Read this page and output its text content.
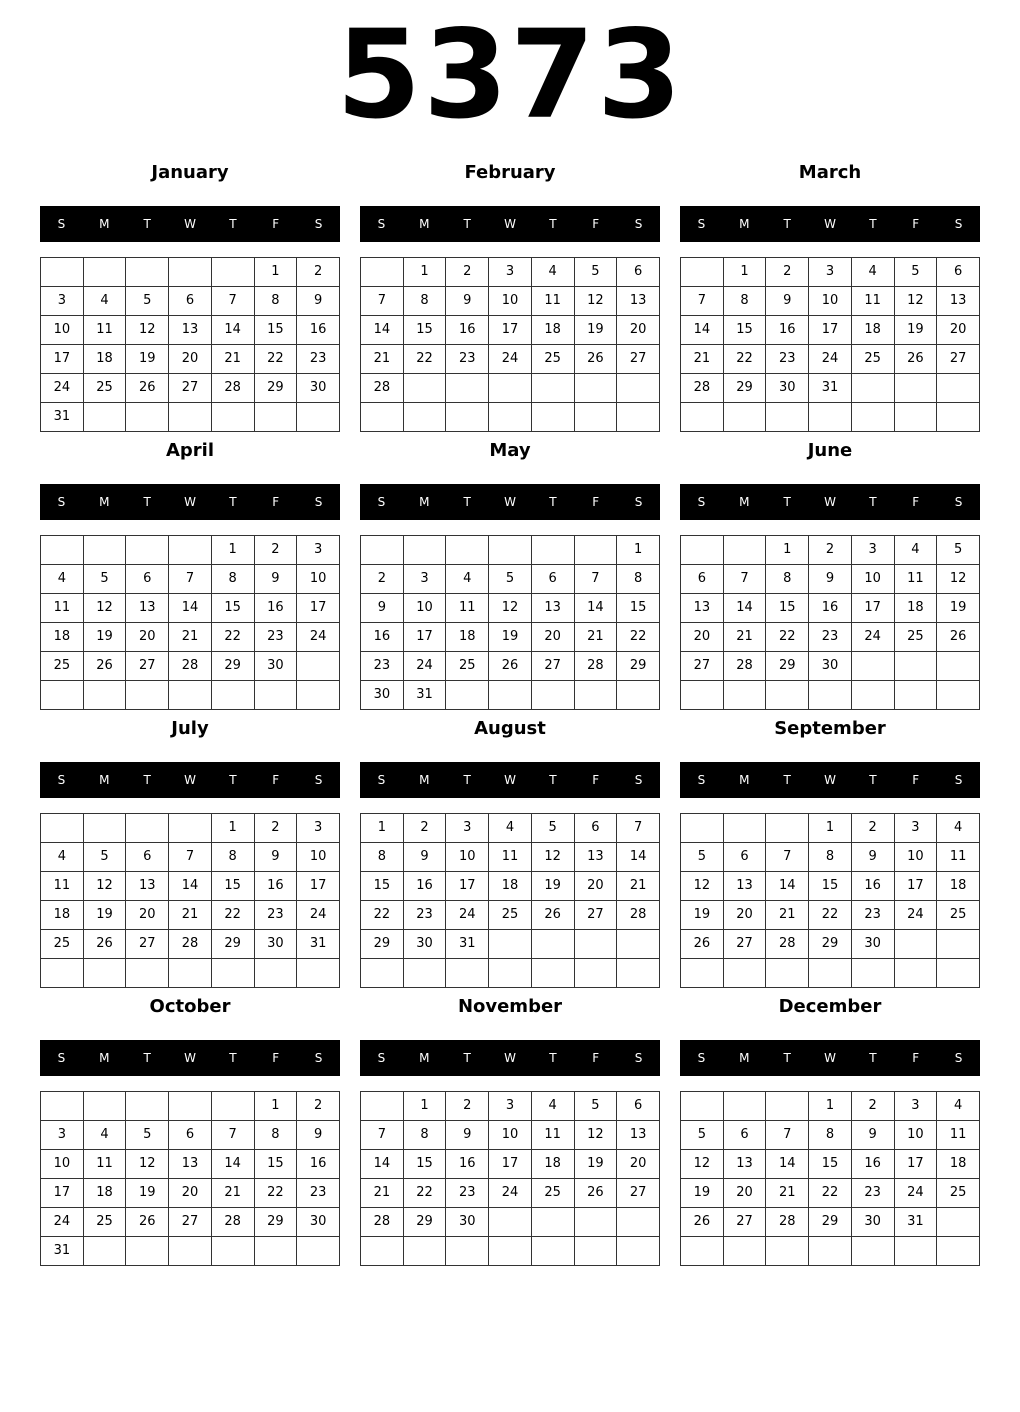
5373
January
S	M	T	W	T	F	S
					1	2
3	4	5	6	7	8	9
10	11	12	13	14	15	16
17	18	19	20	21	22	23
24	25	26	27	28	29	30
31						
February
S	M	T	W	T	F	S
	1	2	3	4	5	6
7	8	9	10	11	12	13
14	15	16	17	18	19	20
21	22	23	24	25	26	27
28						

March
S	M	T	W	T	F	S
	1	2	3	4	5	6
7	8	9	10	11	12	13
14	15	16	17	18	19	20
21	22	23	24	25	26	27
28	29	30	31			

April
S	M	T	W	T	F	S
				1	2	3
4	5	6	7	8	9	10
11	12	13	14	15	16	17
18	19	20	21	22	23	24
25	26	27	28	29	30	

May
S	M	T	W	T	F	S
						1
2	3	4	5	6	7	8
9	10	11	12	13	14	15
16	17	18	19	20	21	22
23	24	25	26	27	28	29
30	31					
June
S	M	T	W	T	F	S
		1	2	3	4	5
6	7	8	9	10	11	12
13	14	15	16	17	18	19
20	21	22	23	24	25	26
27	28	29	30			

July
S	M	T	W	T	F	S
				1	2	3
4	5	6	7	8	9	10
11	12	13	14	15	16	17
18	19	20	21	22	23	24
25	26	27	28	29	30	31

August
S	M	T	W	T	F	S
1	2	3	4	5	6	7
8	9	10	11	12	13	14
15	16	17	18	19	20	21
22	23	24	25	26	27	28
29	30	31				

September
S	M	T	W	T	F	S
			1	2	3	4
5	6	7	8	9	10	11
12	13	14	15	16	17	18
19	20	21	22	23	24	25
26	27	28	29	30		

October
S	M	T	W	T	F	S
					1	2
3	4	5	6	7	8	9
10	11	12	13	14	15	16
17	18	19	20	21	22	23
24	25	26	27	28	29	30
31						
November
S	M	T	W	T	F	S
	1	2	3	4	5	6
7	8	9	10	11	12	13
14	15	16	17	18	19	20
21	22	23	24	25	26	27
28	29	30				

December
S	M	T	W	T	F	S
			1	2	3	4
5	6	7	8	9	10	11
12	13	14	15	16	17	18
19	20	21	22	23	24	25
26	27	28	29	30	31	
